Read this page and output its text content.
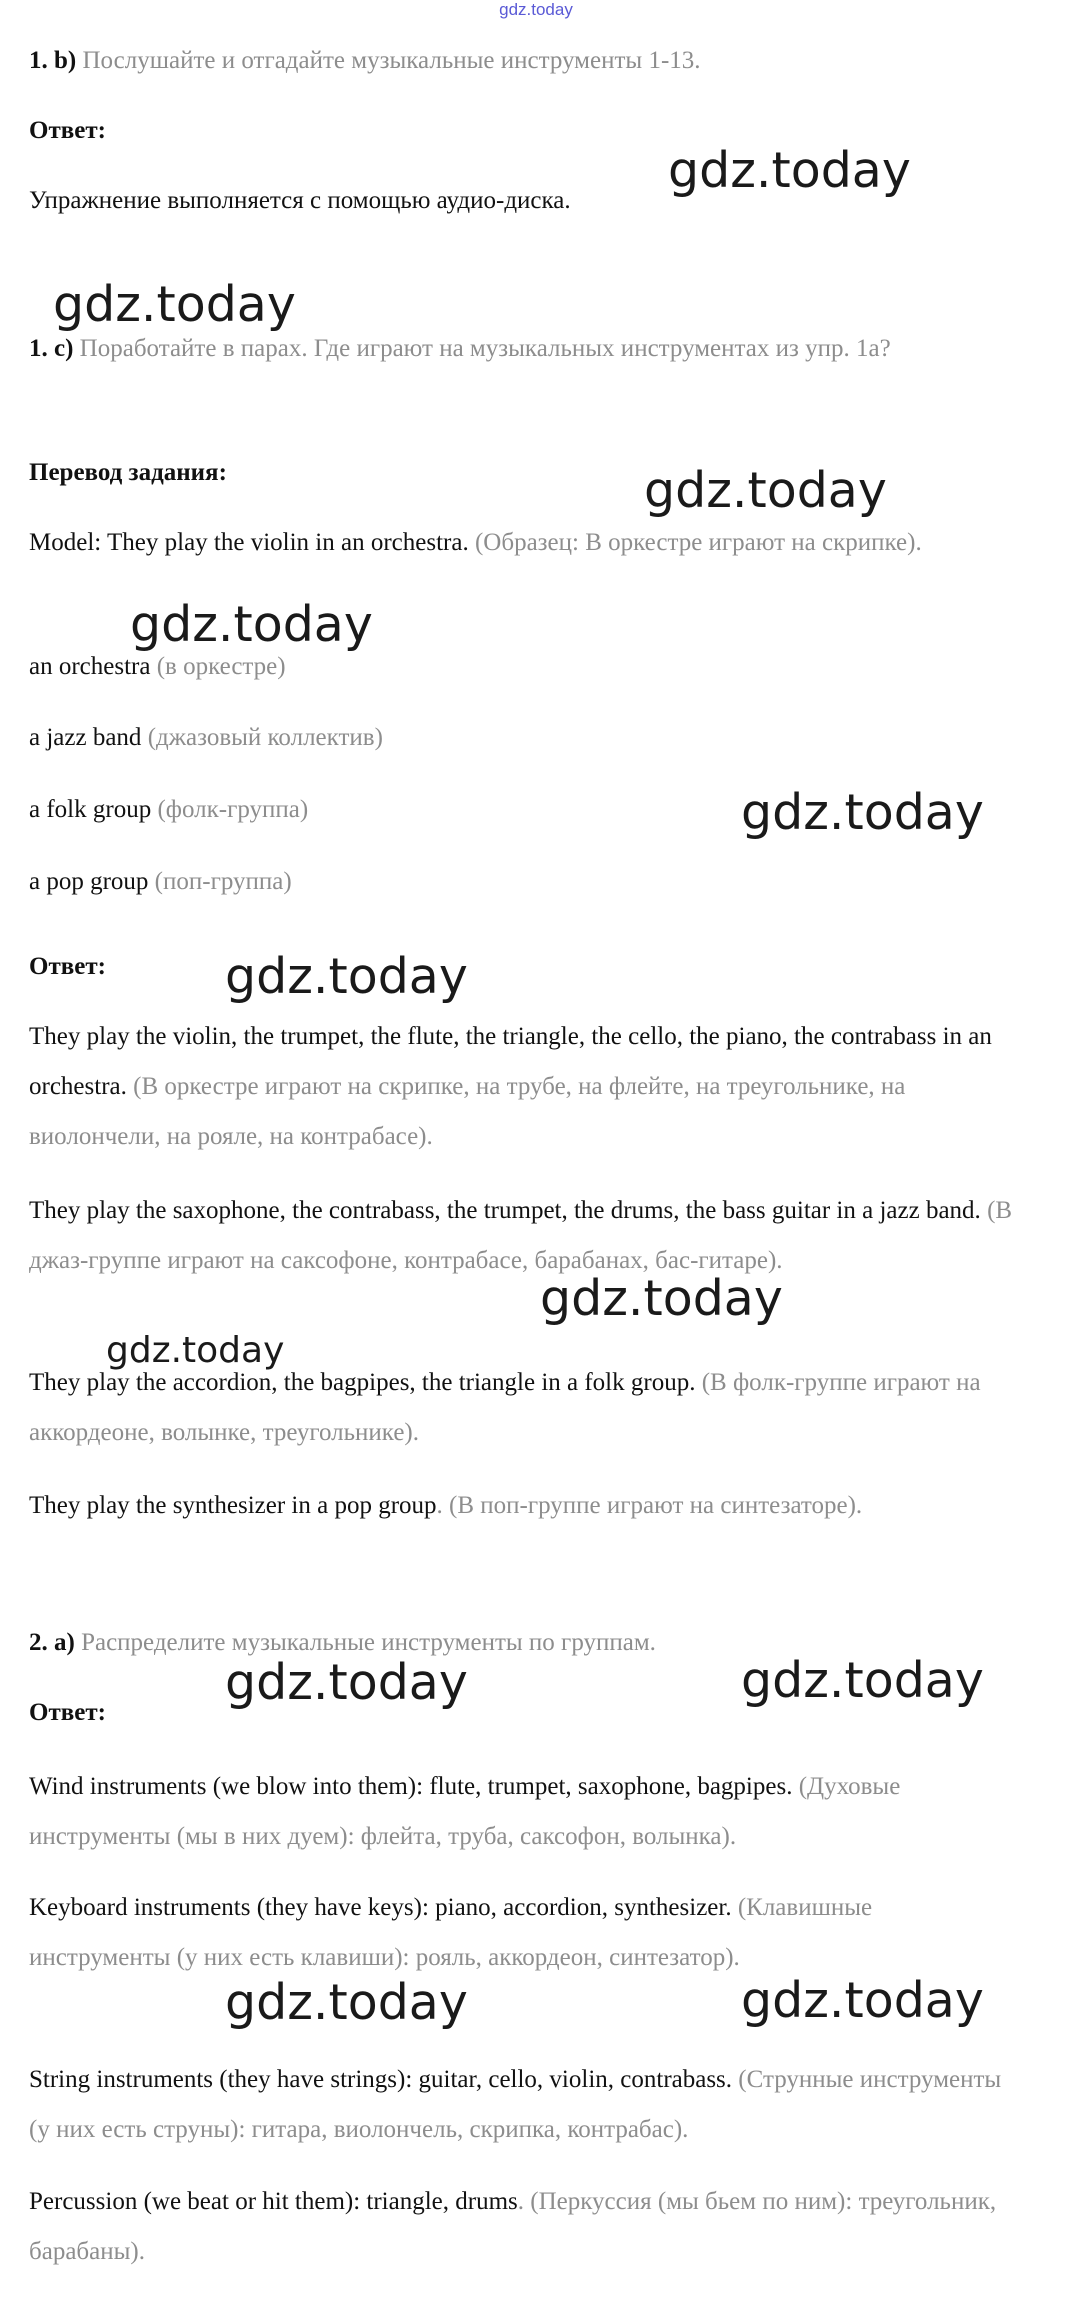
gdz.today

1. b) Послушайте и отгадайте музыкальные инструменты 1-13.

Ответ:

Упражнение выполняется с помощью аудио-диска.

1. c) Поработайте в парах. Где играют на музыкальных инструментах из упр. 1a?

Перевод задания:

Model: They play the violin in an orchestra. (Образец: В оркестре играют на скрипке).

an orchestra (в оркестре)

a jazz band (джазовый коллектив)

a folk group (фолк-группа)

a pop group (поп-группа)

Ответ:

They play the violin, the trumpet, the flute, the triangle, the cello, the piano, the contrabass in an orchestra. (В оркестре играют на скрипке, на трубе, на флейте, на треугольнике, на виолончели, на рояле, на контрабасе).

They play the saxophone, the contrabass, the trumpet, the drums, the bass guitar in a jazz band. (В джаз-группе играют на саксофоне, контрабасе, барабанах, бас-гитаре).

They play the accordion, the bagpipes, the triangle in a folk group. (В фолк-группе играют на аккордеоне, волынке, треугольнике).

They play the synthesizer in a pop group. (В поп-группе играют на синтезаторе).

2. a) Распределите музыкальные инструменты по группам.

Ответ:

Wind instruments (we blow into them): flute, trumpet, saxophone, bagpipes. (Духовые инструменты (мы в них дуем): флейта, труба, саксофон, волынка).

Keyboard instruments (they have keys): piano, accordion, synthesizer. (Клавишные инструменты (у них есть клавиши): рояль, аккордеон, синтезатор).

String instruments (they have strings): guitar, cello, violin, contrabass. (Струнные инструменты (у них есть струны): гитара, виолончель, скрипка, контрабас).

Percussion (we beat or hit them): triangle, drums. (Перкуссия (мы бьем по ним): треугольник, барабаны).

gdz.today
gdz.today
gdz.today
gdz.today
gdz.today
gdz.today
gdz.today
gdz.today
gdz.today	gdz.today
gdz.today	gdz.today
